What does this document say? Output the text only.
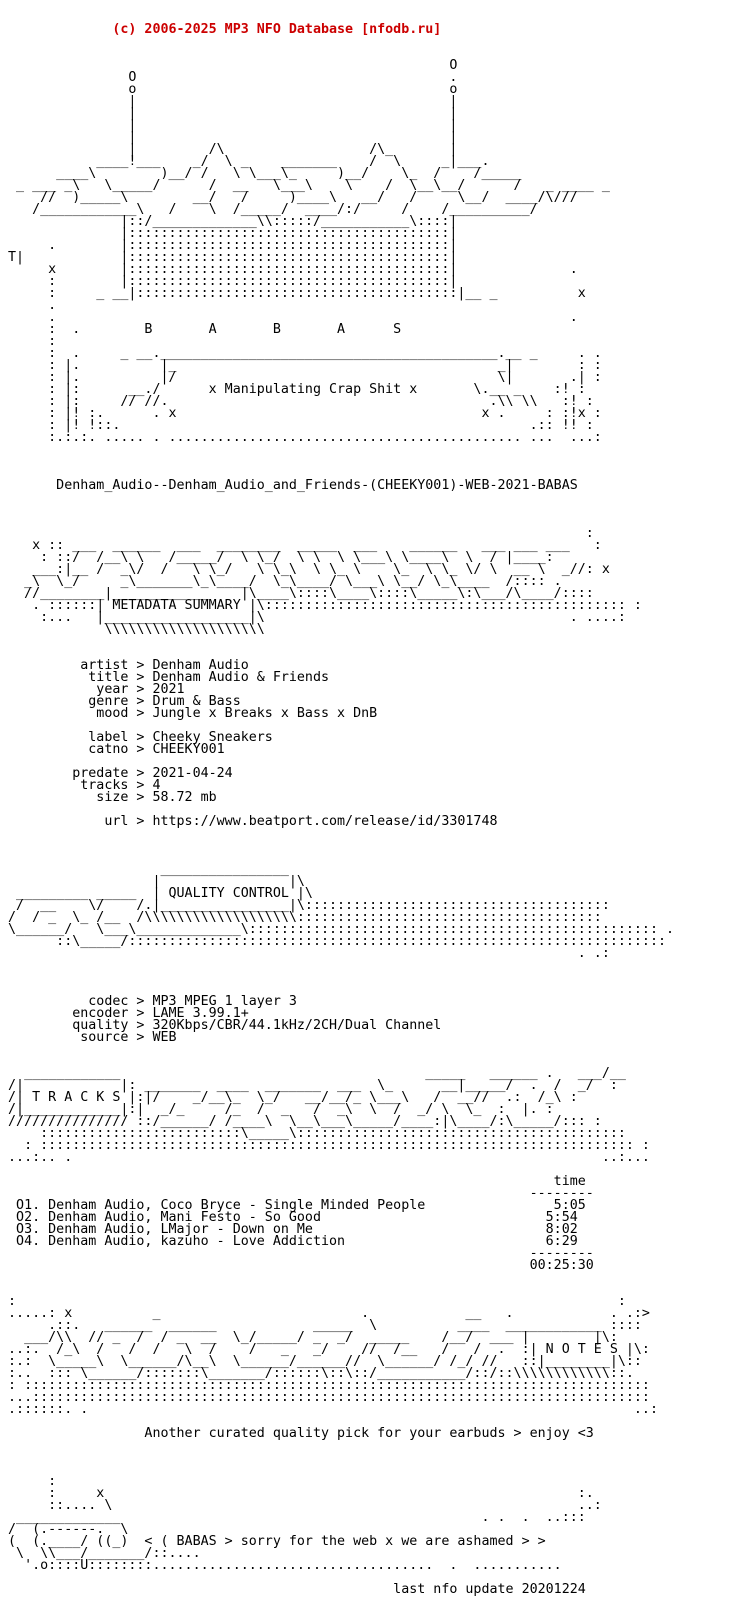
(c) 2006-2025 MP3 NFO Database [nfodb.ru]

O
O                                       .
o                                       o
|                                       |
|                                       |
|                                       |
|                                       |
|         /\                  /\_       |
____!___    _/  \ _    _______    /  \     _|___.
____\        )__/ /   \ \___\_     )__/    \_  /    /_____
_ ___ _\   \_____/      /  __   \___\    \    /  \__\__/      /   _ ____ _
//  )_____\        __/   /     )____\   __/   /     \__/  ____/\///
/____________\   /    \  /_____/  ____/:/     /    /__________/
|::/_____________\\:::::/___________\::::|
|::::::::::::::::::::::::::::::::::::::::|
.        |::::::::::::::::::::::::::::::::::::::::|
T|            |::::::::::::::::::::::::::::::::::::::::|
x        |::::::::::::::::::::::::::::::::::::::::|              .
:        |::::::::::::::::::::::::::::::::::::::::|
:     _ __|::::::::::::::::::::::::::::::::::::::::|__ _          x
.
.                                                                .
:  .        B       A       B       A      S
:
:  .     _ __.__________________________________________.__ _     . .
: |.          |_                                        _|        : :
: |.          |/                                        \|       .| :
: |:      __./      x Manipulating Crap Shit x       \.__ _    :! :
: |:     // //.                                        .\\ \\   :! :
: |! :.      . x                                      x .     : :!x :
: |! !::.                                                   .:: !! :
:.:.:. ..... . ............................................ ...  ...:
Denham_Audio--Denham_Audio_and_Friends-(CHEEKY001)-WEB-2021-BABAS
:
x :: ___  ______  ___  ________  _____  ___    ______   ___ ___ ___   :
: ::/  /__\ \   /_____/  \ \_/  \ \  \ \___\ \____\  \  / |____:
___:|__ /  _\/  /   \ \_/   \ \_\  \ \_ \    \_  \ \_ \/ \  __ \  _//: x
_\  \_/     _\_______\_\____/  \_\____/ \___\ \__/ \_\____  /:::: .
//________|____________    |\____\::::\____\::::\_____\:\___/\____/::::
. ::::::| METADATA SUMMARY |\::::::::::::::::::::::::::::::::::::::::::::: :
:...   |__________________|\                                      . ....:
\\\\\\\\\\\\\\\\\\\\
artist > Denham Audio
title > Denham Audio & Friends
year > 2021
genre > Drum & Bass
mood > Jungle x Breaks x Bass x DnB
label > Cheeky Sneakers
catno > CHEEKY001
predate > 2021-04-24
tracks > 4
size > 58.72 mb
url > https://www.beatport.com/release/id/3301748
________________
|                |\
_________ _____  | QUALITY CONTROL |\
/  __    \/    /.|________________|\::::::::::::::::::::::::::::::::::::::
/  / _  \_ /__  /\\\\\\\\\\\\\\\\\\\::::::::::::::::::::::::::::::::::::::
\______/   \___\_____________\::::::::::::::::::::::::::::::::::::::::::::::::::: .
::\_____/:::::::::::::::::::::::::::::::::::::::::::::::::::::::::::::::::::
. .:
codec > MP3 MPEG 1 layer 3
encoder > LAME 3.99.1+
quality > 320Kbps/CBR/44.1kHz/2CH/Dual Channel
source > WEB
____________                                      _____   ______ .   ___/__
/|            |: _______  ____  _______  ___  \_      __|_____/  .  /  _/  :
/| T R A C K S |:|/    _/__\_  \_/   __/__/_ \___\   /  __//  .:  /_\ :
/|____________|:|  _/_     /_  /  _   /  _\  \  /  _/ \  \_  :  |. :
/////////////// ::/______/ /____\  \__\___\_____/____:|\____/:\_____/::: :
:::::::::::::::::::::::::\_____\:::::::::::::::::::::::::::::::::::::::::
: :::::::::::::::::::::::::::::::::::::::::::::::::::::::::::::::::::::::::: :
...:.. .                                                                  ..:...
time
--------
O1. Denham Audio, Coco Bryce - Single Minded People                5:05
O2. Denham Audio, Mani Festo - So Good                            5:54
O3. Denham Audio, LMajor - Down on Me                             8:02
O4. Denham Audio, kazuho - Love Addiction                         6:29
--------
00:25:30
:                                                                           :
.....: x          _                         .            __   .            . .:>
.::.   ______  ______            _____  \          ____  ____________ ::::
___/\\  // _  /  / _  __  \_/_____/ _  _/  _____    /__/  ___ |        |\:
..:.  /_\  /   /  /   \  /    /   _   _/    //  /__   /   /  .  :| N O T E S |\:
:.:  \_____\  \______/\__\  \______/______//  \______/ /_/ //   ::|________|\::
:..  ::: \______/:::::::\_______/::::::\::\::/___________/::/::\\\\\\\\\\\\::.
: ::::::::::::::::::::::::::::::::::::::::::::::::::::::::::::::::::::::::::::::
...:::::::::::::::::::::::::::::::::::::::::::::::::::::::::::::::::::::::::::::
.::::::. .                                                                    ..:
Another curated quality pick for your earbuds > enjoy <3
:
:     x                                                           :.
::.... \                                                          ..:
_____________                                             . .  .  ..:::
/  (.------.  \
(  (.____/ ((_)  < ( BABAS > sorry for the web x we are ashamed > >
\  \\___/_______/::....
'.o::::U::::::::...................................  .  ...........
last nfo update 20201224
